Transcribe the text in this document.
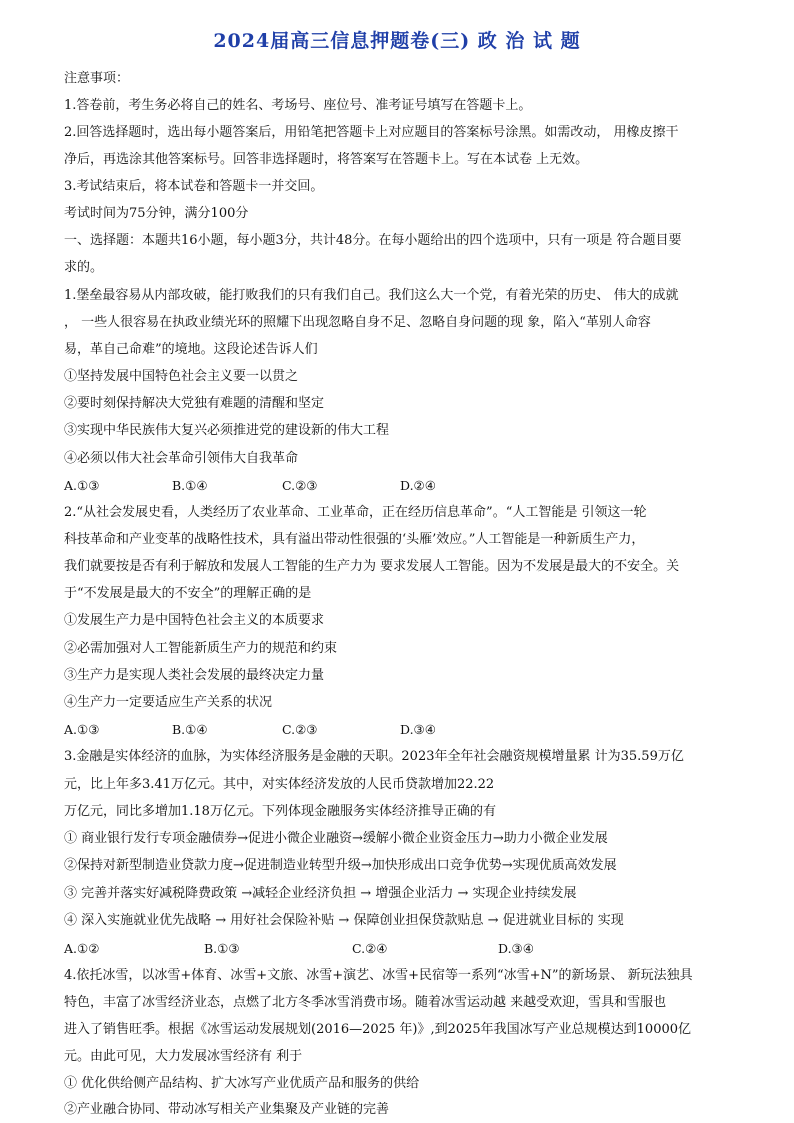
2024届高三信息押题卷(三) 政 治 试 题
注意事项：
1.答卷前，考生务必将自己的姓名、考场号、座位号、准考证号填写在答题卡上。
2.回答选择题时，选出每小题答案后，用铅笔把答题卡上对应题目的答案标号涂黑。如需改动， 用橡皮擦干
净后，再选涂其他答案标号。回答非选择题时，将答案写在答题卡上。写在本试卷 上无效。
3.考试结束后，将本试卷和答题卡一并交回。
考试时间为75分钟，满分100分
一、选择题：本题共16小题，每小题3分，共计48分。在每小题给出的四个选项中，只有一项是 符合题目要
求的。
1.堡垒最容易从内部攻破，能打败我们的只有我们自己。我们这么大一个党，有着光荣的历史、 伟大的成就
， 一些人很容易在执政业绩光环的照耀下出现忽略自身不足、忽略自身问题的现 象，陷入“革别人命容
易，革自己命难”的境地。这段论述告诉人们
①坚持发展中国特色社会主义要一以贯之
②要时刻保持解决大党独有难题的清醒和坚定
③实现中华民族伟大复兴必须推进党的建设新的伟大工程
④必须以伟大社会革命引领伟大自我革命
A.①③	B.①④	C.②③	D.②④
2.“从社会发展史看，人类经历了农业革命、工业革命，正在经历信息革命”。“人工智能是 引领这一轮
科技革命和产业变革的战略性技术，具有溢出带动性很强的‘头雁’效应。”人工智能是一种新质生产力，
我们就要按是否有利于解放和发展人工智能的生产力为 要求发展人工智能。因为不发展是最大的不安全。关
于“不发展是最大的不安全”的理解正确的是
①发展生产力是中国特色社会主义的本质要求
②必需加强对人工智能新质生产力的规范和约束
③生产力是实现人类社会发展的最终决定力量
④生产力一定要适应生产关系的状况
A.①③	B.①④	C.②③	D.③④
3.金融是实体经济的血脉，为实体经济服务是金融的天职。2023年全年社会融资规模增量累 计为35.59万亿
元，比上年多3.41万亿元。其中，对实体经济发放的人民币贷款增加22.22
万亿元，同比多增加1.18万亿元。下列体现金融服务实体经济推导正确的有
① 商业银行发行专项金融债券→促进小微企业融资→缓解小微企业资金压力→助力小微企业发展
②保持对新型制造业贷款力度→促进制造业转型升级→加快形成出口竞争优势→实现优质高效发展
③ 完善并落实好减税降费政策 →减轻企业经济负担 → 增强企业活力 → 实现企业持续发展
④ 深入实施就业优先战略 → 用好社会保险补贴 → 保障创业担保贷款贴息 → 促进就业目标的 实现
A.①②	B.①③	C.②④	D.③④
4.依托冰雪，以冰雪+体育、冰雪+文旅、冰雪+演艺、冰雪+民宿等一系列“冰雪+N”的新场景、 新玩法独具
特色，丰富了冰雪经济业态，点燃了北方冬季冰雪消费市场。随着冰雪运动越 来越受欢迎，雪具和雪服也
进入了销售旺季。根据《冰雪运动发展规划(2016—2025 年)》,到2025年我国冰写产业总规模达到10000亿
元。由此可见，大力发展冰雪经济有 利于
① 优化供给侧产品结构、扩大冰写产业优质产品和服务的供给
②产业融合协同、带动冰写相关产业集聚及产业链的完善
